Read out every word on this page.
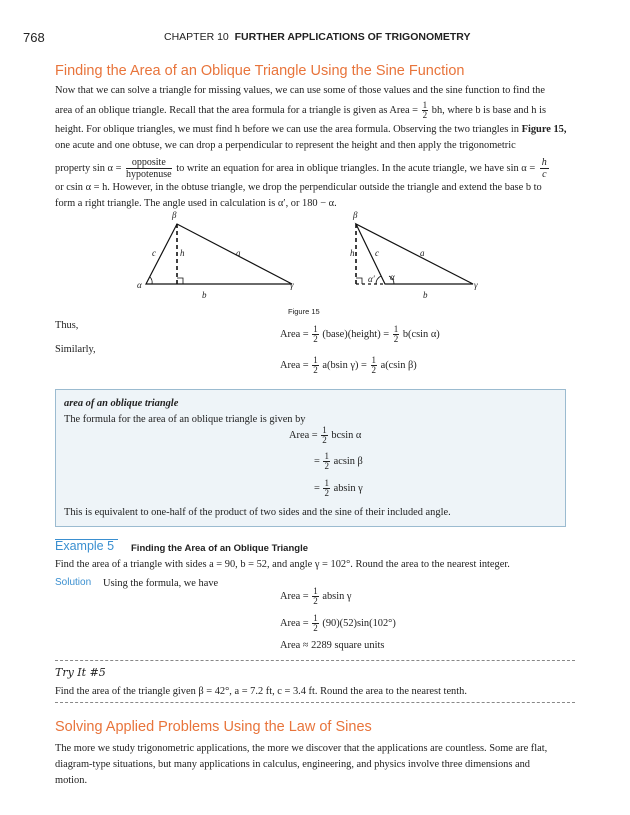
768	CHAPTER 10 FURTHER APPLICATIONS OF TRIGONOMETRY
Finding the Area of an Oblique Triangle Using the Sine Function
Now that we can solve a triangle for missing values, we can use some of those values and the sine function to find the
area of an oblique triangle. Recall that the area formula for a triangle is given as Area = $\frac{1}{2}$ bh, where b is base and h is
height. For oblique triangles, we must find h before we can use the area formula. Observing the two triangles in Figure 15,
one acute and one obtuse, we can drop a perpendicular to represent the height and then apply the trigonometric
property $\sin \alpha = \frac{\text{opposite}}{\text{hypotenuse}}$ to write an equation for area in oblique triangles. In the acute triangle, we have $\sin \alpha = \frac{h}{c}$
or csin α = h. However, in the obtuse triangle, we drop the perpendicular outside the triangle and extend the base b to
form a right triangle. The angle used in calculation is α′, or 180 − α.
β
c	h	a
α	γ
b
β
h c	a
α′ α
γ
b
Figure 15
Thus,
Area = $\frac{1}{2}$ (base)(height) = $\frac{1}{2} b(csin$ α)
Similarly,
Area = $\frac{1}{2} a(bsin$ $\gamma) = \frac{1}{2} a(csin$ β)
area of an oblique triangle
The formula for the area of an oblique triangle is given by
Area = $\frac{1}{2}$ bcsin α
= $\frac{1}{2}$ acsin β
= $\frac{1}{2}$ absin γ
This is equivalent to one-half of the product of two sides and the sine of their included angle.
Example 5 Finding the Area of an Oblique Triangle
Find the area of a triangle with sides a = 90, b = 52, and angle γ = 102°. Round the area to the nearest integer.
Solution Using the formula, we have
Area = $\frac{1}{2}$ absin γ
Area = $\frac{1}{2} (90)(52)\sin(102^\circ)$
Area ≈ 2289 square units
Try It #5
Find the area of the triangle given β = 42°, a = 7.2 ft, c = 3.4 ft. Round the area to the nearest tenth.
Solving Applied Problems Using the Law of Sines
The more we study trigonometric applications, the more we discover that the applications are countless. Some are flat,
diagram-type situations, but many applications in calculus, engineering, and physics involve three dimensions and
motion.
